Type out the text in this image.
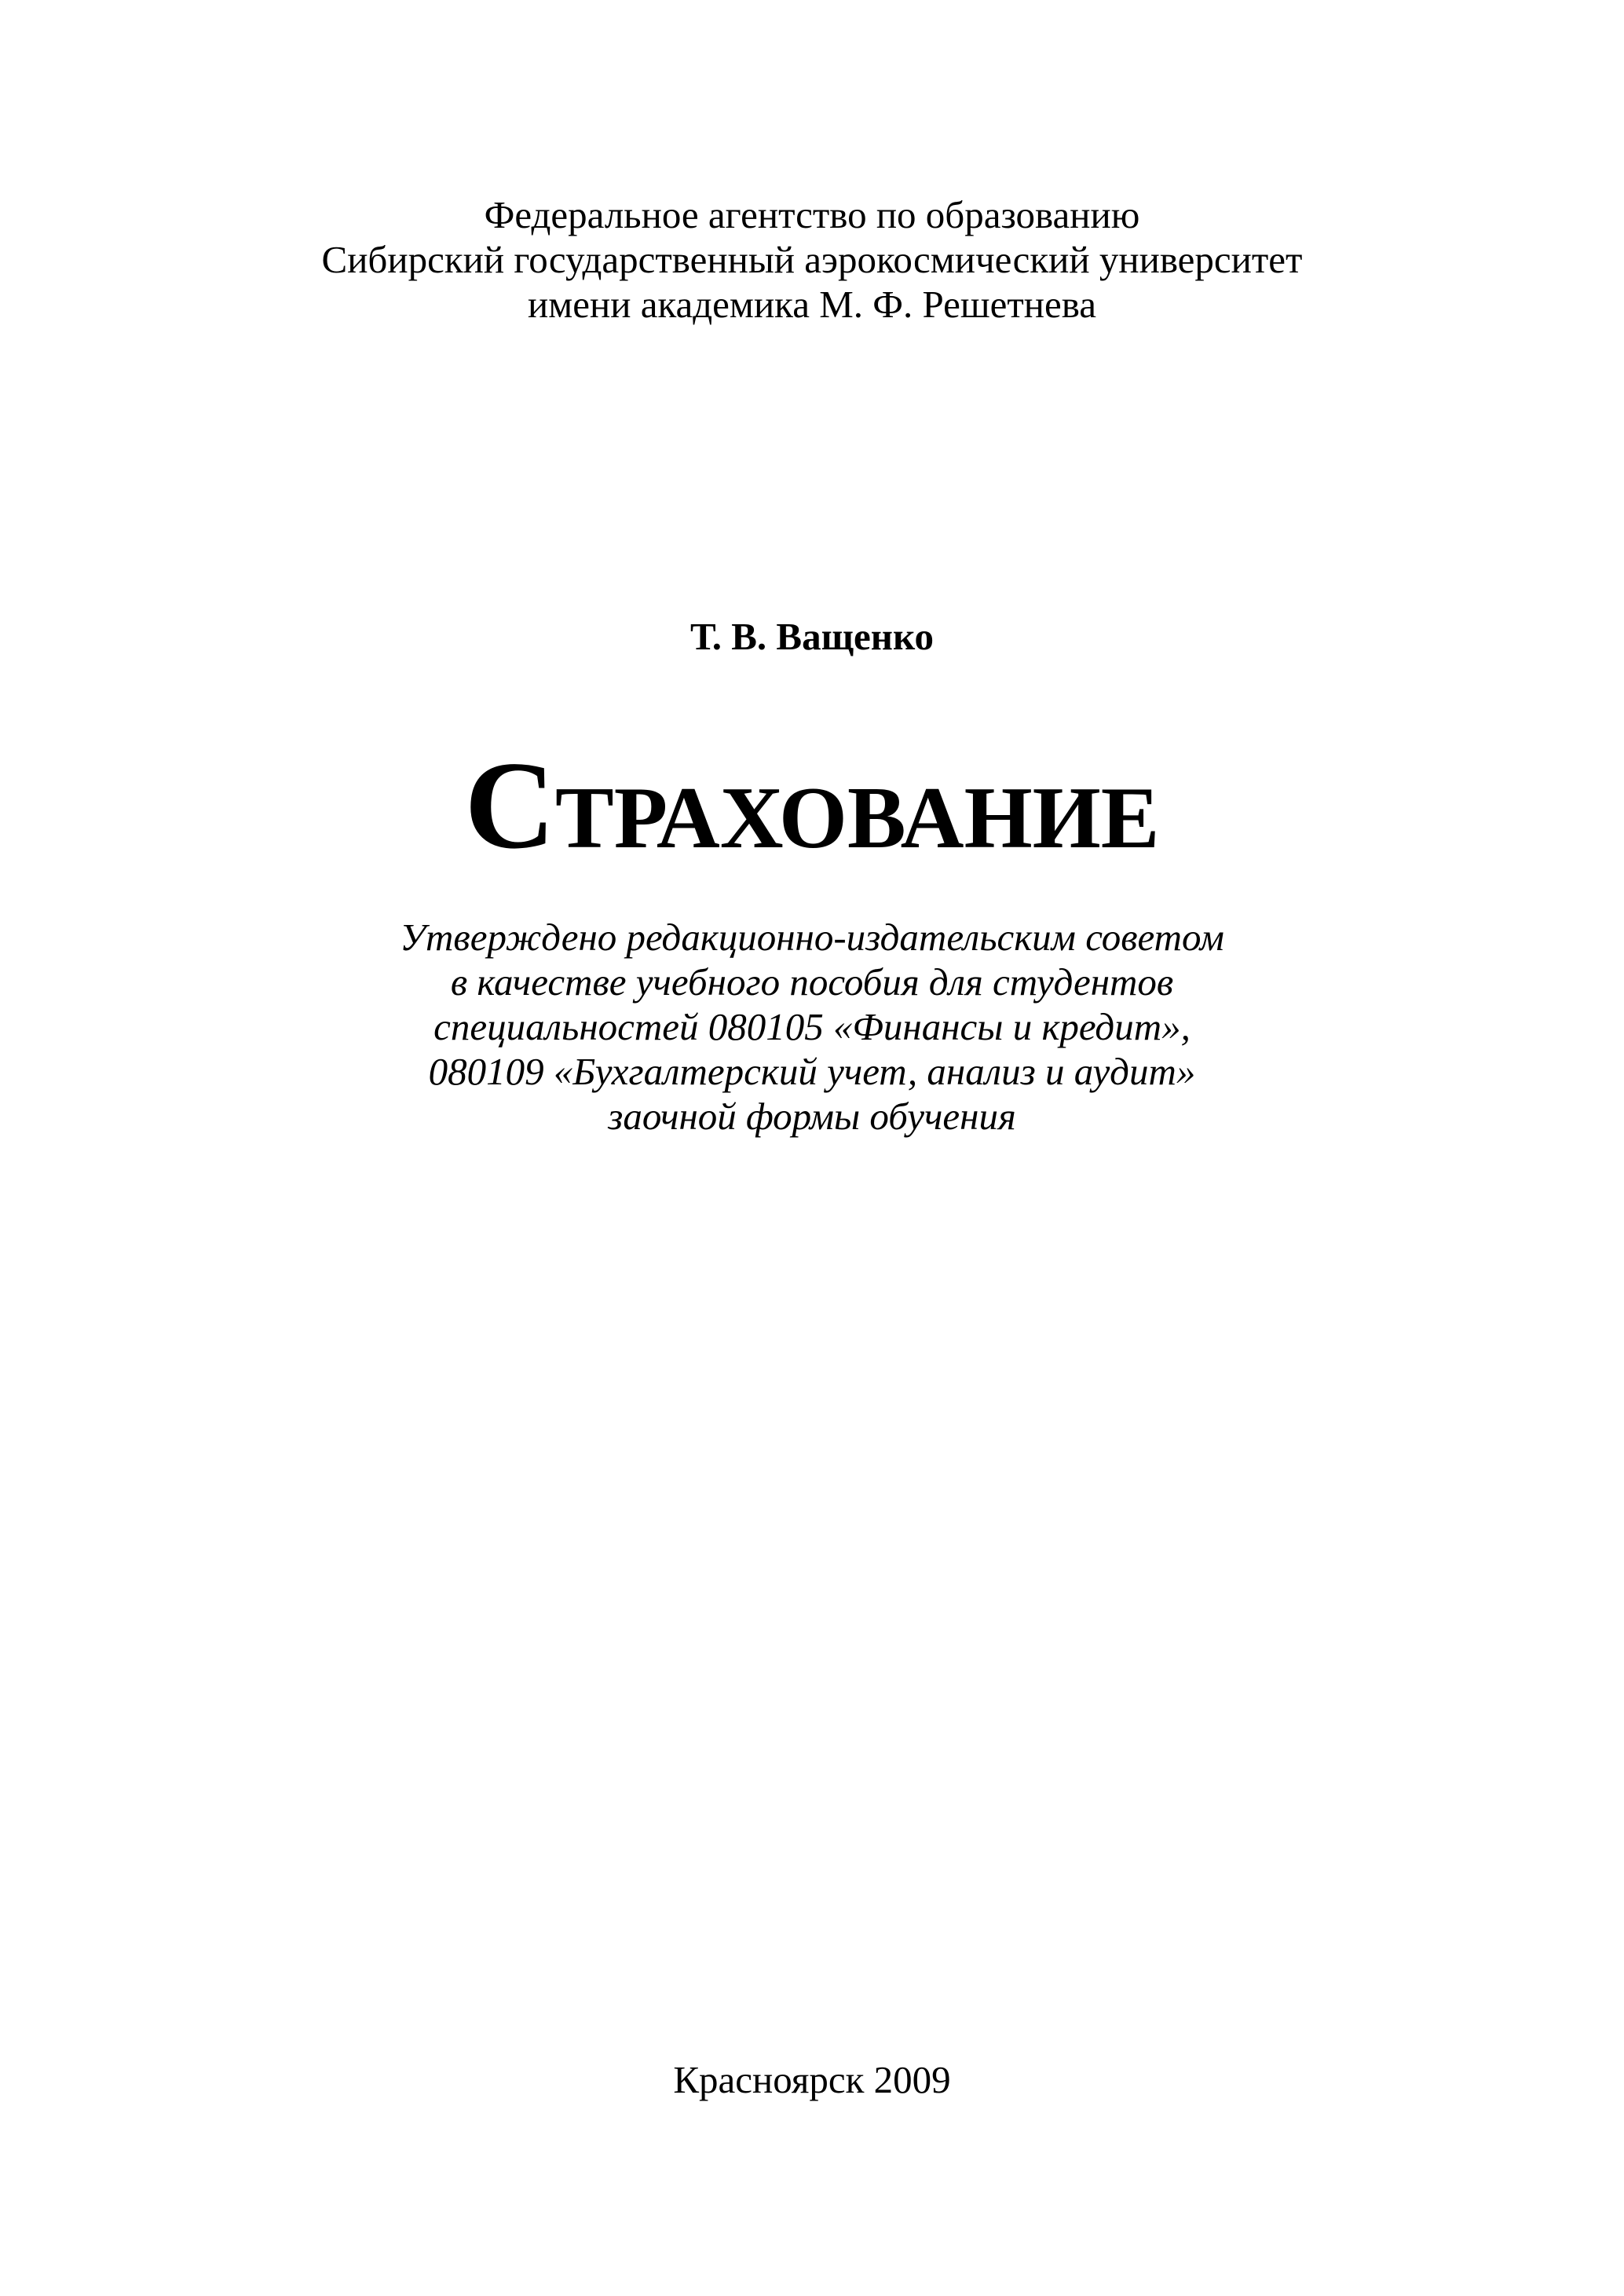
Федеральное агентство по образованию
Сибирский государственный аэрокосмический университет
имени академика М. Ф. Решетнева
Т. В. Ващенко
СТРАХОВАНИЕ
Утверждено редакционно-издательским советом
в качестве учебного пособия для студентов
специальностей 080105 «Финансы и кредит»,
080109 «Бухгалтерский учет, анализ и аудит»
заочной формы обучения
Красноярск 2009
